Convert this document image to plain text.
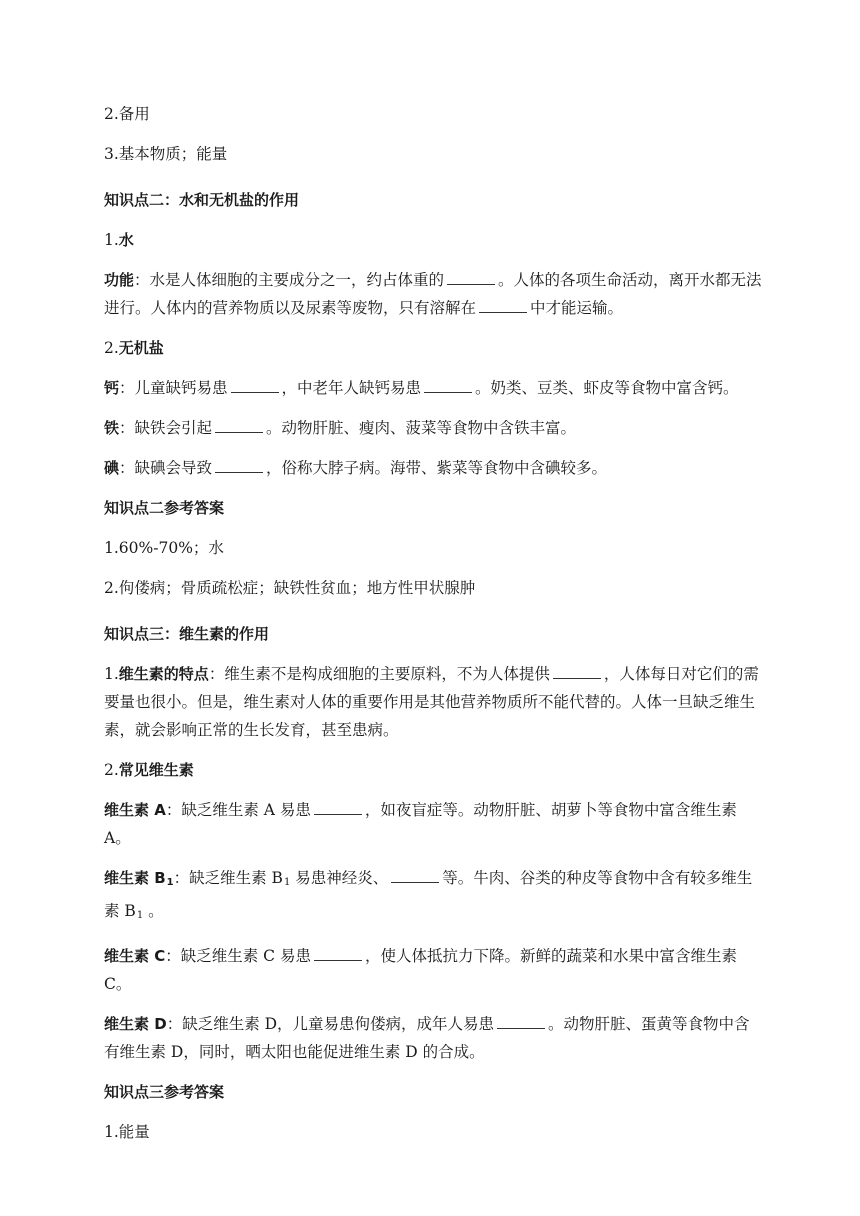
2.备用

3.基本物质；能量

知识点二：水和无机盐的作用

1.水

功能：水是人体细胞的主要成分之一，约占体重的	。人体的各项生命活动，离开水都无法进行。人体内的营养物质以及尿素等废物，只有溶解在	中才能运输。

2.无机盐

钙：儿童缺钙易患	，中老年人缺钙易患	。奶类、豆类、虾皮等食物中富含钙。

铁：缺铁会引起	。动物肝脏、瘦肉、菠菜等食物中含铁丰富。

碘：缺碘会导致	，俗称大脖子病。海带、紫菜等食物中含碘较多。

知识点二参考答案

1.60%-70%；水

2.佝偻病；骨质疏松症；缺铁性贫血；地方性甲状腺肿

知识点三：维生素的作用

1.维生素的特点：维生素不是构成细胞的主要原料，不为人体提供	，人体每日对它们的需要量也很小。但是，维生素对人体的重要作用是其他营养物质所不能代替的。人体一旦缺乏维生素，就会影响正常的生长发育，甚至患病。

2.常见维生素

维生素 A：缺乏维生素 A 易患	，如夜盲症等。动物肝脏、胡萝卜等食物中富含维生素 A。

维生素 $B_1$：缺乏维生素 $B_1$ 易患神经炎、	等。牛肉、谷类的种皮等食物中含有较多维生素 $B_1$ 。

维生素 C：缺乏维生素 C 易患	，使人体抵抗力下降。新鲜的蔬菜和水果中富含维生素 C。

维生素 D：缺乏维生素 D，儿童易患佝偻病，成年人易患	。动物肝脏、蛋黄等食物中含有维生素 D，同时，晒太阳也能促进维生素 D 的合成。

知识点三参考答案

1.能量
